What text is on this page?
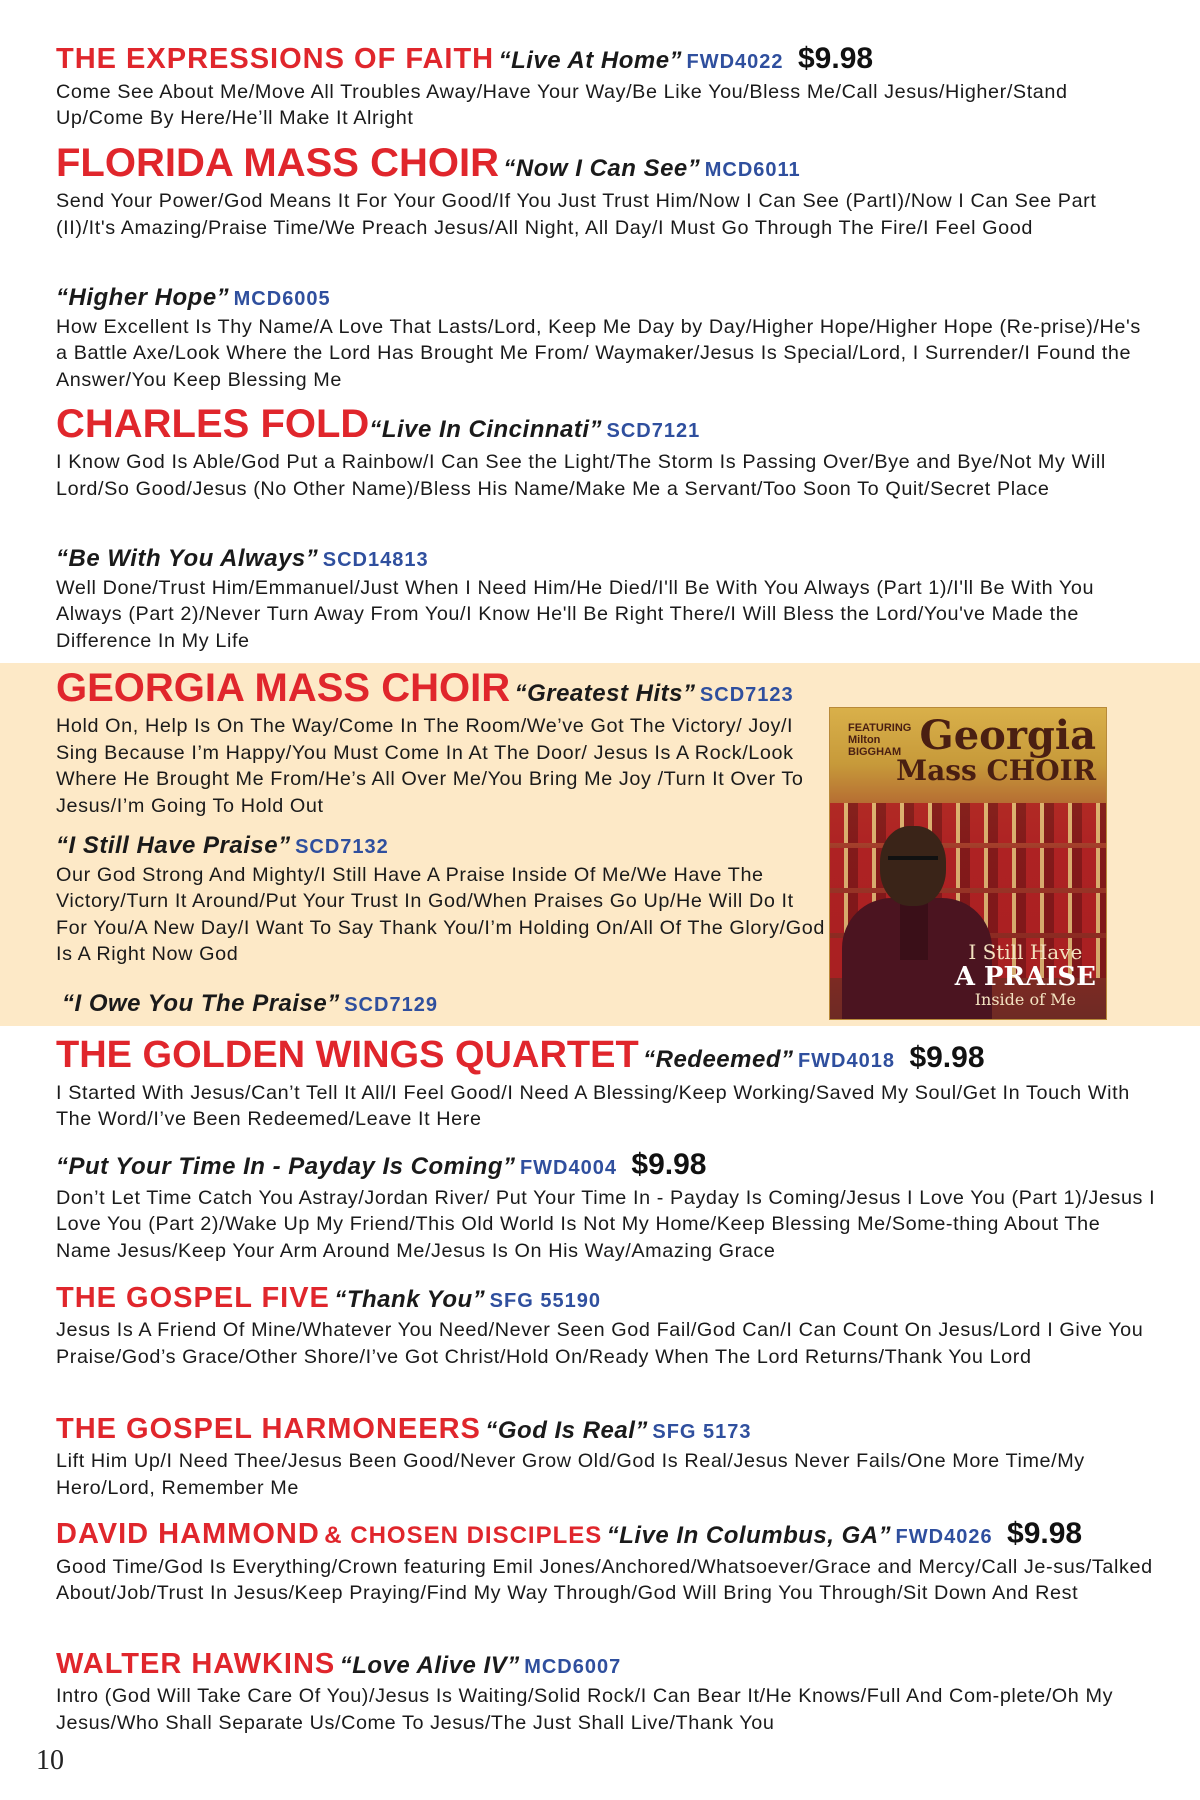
THE EXPRESSIONS OF FAITH “Live At Home” FWD4022 $9.98
Come See About Me/Move All Troubles Away/Have Your Way/Be Like You/Bless Me/Call Jesus/Higher/Stand Up/Come By Here/He’ll Make It Alright
FLORIDA MASS CHOIR “Now I Can See” MCD6011
Send Your Power/God Means It For Your Good/If You Just Trust Him/Now I Can See (PartI)/Now I Can See Part (II)/It's Amazing/Praise Time/We Preach Jesus/All Night, All Day/I Must Go Through The Fire/I Feel Good
“Higher Hope” MCD6005
How Excellent Is Thy Name/A Love That Lasts/Lord, Keep Me Day by Day/Higher Hope/Higher Hope (Re-prise)/He's a Battle Axe/Look Where the Lord Has Brought Me From/ Waymaker/Jesus Is Special/Lord, I Surrender/I Found the Answer/You Keep Blessing Me
CHARLES FOLD“Live In Cincinnati” SCD7121
I Know God Is Able/God Put a Rainbow/I Can See the Light/The Storm Is Passing Over/Bye and Bye/Not My Will Lord/So Good/Jesus (No Other Name)/Bless His Name/Make Me a Servant/Too Soon To Quit/Secret Place
“Be With You Always” SCD14813
Well Done/Trust Him/Emmanuel/Just When I Need Him/He Died/I'll Be With You Always (Part 1)/I'll Be With You Always (Part 2)/Never Turn Away From You/I Know He'll Be Right There/I Will Bless the Lord/You've Made the Difference In My Life
GEORGIA MASS CHOIR “Greatest Hits” SCD7123
Hold On, Help Is On The Way/Come In The Room/We’ve Got The Victory/ Joy/I Sing Because I’m Happy/You Must Come In At The Door/ Jesus Is A Rock/Look Where He Brought Me From/He’s All Over Me/You Bring Me Joy /Turn It Over To Jesus/I’m Going To Hold Out
“I Still Have Praise” SCD7132
Our God Strong And Mighty/I Still Have A Praise Inside Of Me/We Have The Victory/Turn It Around/Put Your Trust In God/When Praises Go Up/He Will Do It For You/A New Day/I Want To Say Thank You/I’m Holding On/All Of The Glory/God Is A Right Now God
“I Owe You The Praise” SCD7129
FEATURING
Milton
BIGGHAM Georgia
Mass CHOIR
I Still Have
A PRAISE
Inside of Me
THE GOLDEN WINGS QUARTET “Redeemed” FWD4018 $9.98
I Started With Jesus/Can’t Tell It All/I Feel Good/I Need A Blessing/Keep Working/Saved My Soul/Get In Touch With The Word/I’ve Been Redeemed/Leave It Here
“Put Your Time In - Payday Is Coming” FWD4004 $9.98
Don’t Let Time Catch You Astray/Jordan River/ Put Your Time In - Payday Is Coming/Jesus I Love You (Part 1)/Jesus I Love You (Part 2)/Wake Up My Friend/This Old World Is Not My Home/Keep Blessing Me/Some-thing About The Name Jesus/Keep Your Arm Around Me/Jesus Is On His Way/Amazing Grace
THE GOSPEL FIVE “Thank You” SFG 55190
Jesus Is A Friend Of Mine/Whatever You Need/Never Seen God Fail/God Can/I Can Count On Jesus/Lord I Give You Praise/God’s Grace/Other Shore/I’ve Got Christ/Hold On/Ready When The Lord Returns/Thank You Lord
THE GOSPEL HARMONEERS “God Is Real” SFG 5173
Lift Him Up/I Need Thee/Jesus Been Good/Never Grow Old/God Is Real/Jesus Never Fails/One More Time/My Hero/Lord, Remember Me
DAVID HAMMOND & CHOSEN DISCIPLES “Live In Columbus, GA” FWD4026 $9.98
Good Time/God Is Everything/Crown featuring Emil Jones/Anchored/Whatsoever/Grace and Mercy/Call Je-sus/Talked About/Job/Trust In Jesus/Keep Praying/Find My Way Through/God Will Bring You Through/Sit Down And Rest
WALTER HAWKINS “Love Alive IV” MCD6007
Intro (God Will Take Care Of You)/Jesus Is Waiting/Solid Rock/I Can Bear It/He Knows/Full And Com-plete/Oh My Jesus/Who Shall Separate Us/Come To Jesus/The Just Shall Live/Thank You
10
